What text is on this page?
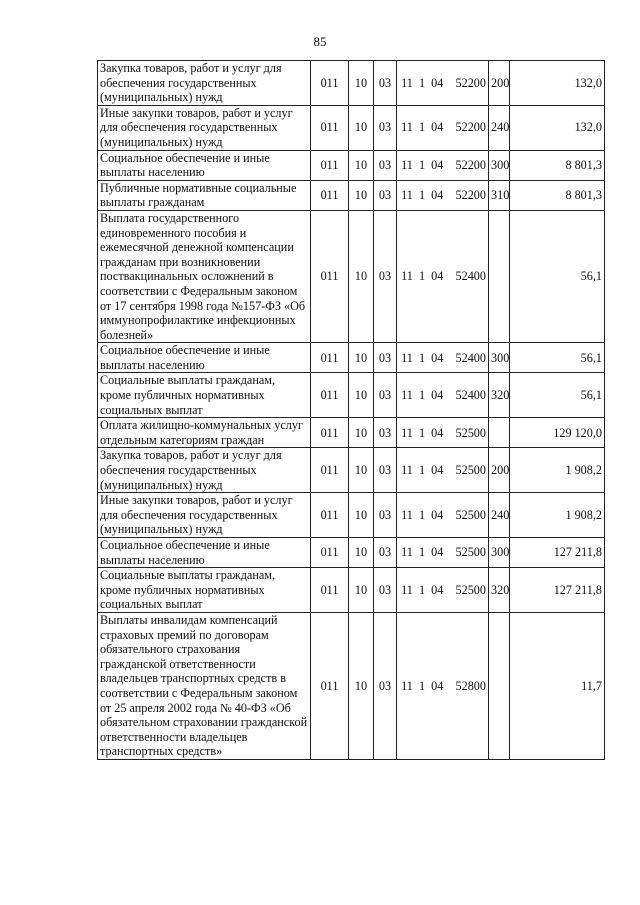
85
Закупка товаров, работ и услуг для обеспечения государственных (муниципальных) нужд	011	10	03	11  1  04    52200	200	132,0
Иные закупки товаров, работ и услуг для обеспечения государственных (муниципальных) нужд	011	10	03	11  1  04    52200	240	132,0
Социальное обеспечение и иные выплаты населению	011	10	03	11  1  04    52200	300	8 801,3
Публичные нормативные социальные выплаты гражданам	011	10	03	11  1  04    52200	310	8 801,3
Выплата государственного единовременного пособия и ежемесячной денежной компенсации гражданам при возникновении поствакцинальных осложнений в соответствии с Федеральным законом от 17 сентября 1998 года №157-ФЗ «Об иммунопрофилактике инфекционных болезней»	011	10	03	11  1  04    52400		56,1
Социальное обеспечение и иные выплаты населению	011	10	03	11  1  04    52400	300	56,1
Социальные выплаты гражданам, кроме публичных нормативных социальных выплат	011	10	03	11  1  04    52400	320	56,1
Оплата жилищно-коммунальных услуг отдельным категориям граждан	011	10	03	11  1  04    52500		129 120,0
Закупка товаров, работ и услуг для обеспечения государственных (муниципальных) нужд	011	10	03	11  1  04    52500	200	1 908,2
Иные закупки товаров, работ и услуг для обеспечения государственных (муниципальных) нужд	011	10	03	11  1  04    52500	240	1 908,2
Социальное обеспечение и иные выплаты населению	011	10	03	11  1  04    52500	300	127 211,8
Социальные выплаты гражданам, кроме публичных нормативных социальных выплат	011	10	03	11  1  04    52500	320	127 211,8
Выплаты инвалидам компенсаций страховых премий по договорам обязательного страхования гражданской ответственности владельцев транспортных средств в соответствии с Федеральным законом от 25 апреля 2002 года № 40-ФЗ «Об обязательном страховании гражданской ответственности владельцев транспортных средств»	011	10	03	11  1  04    52800		11,7
